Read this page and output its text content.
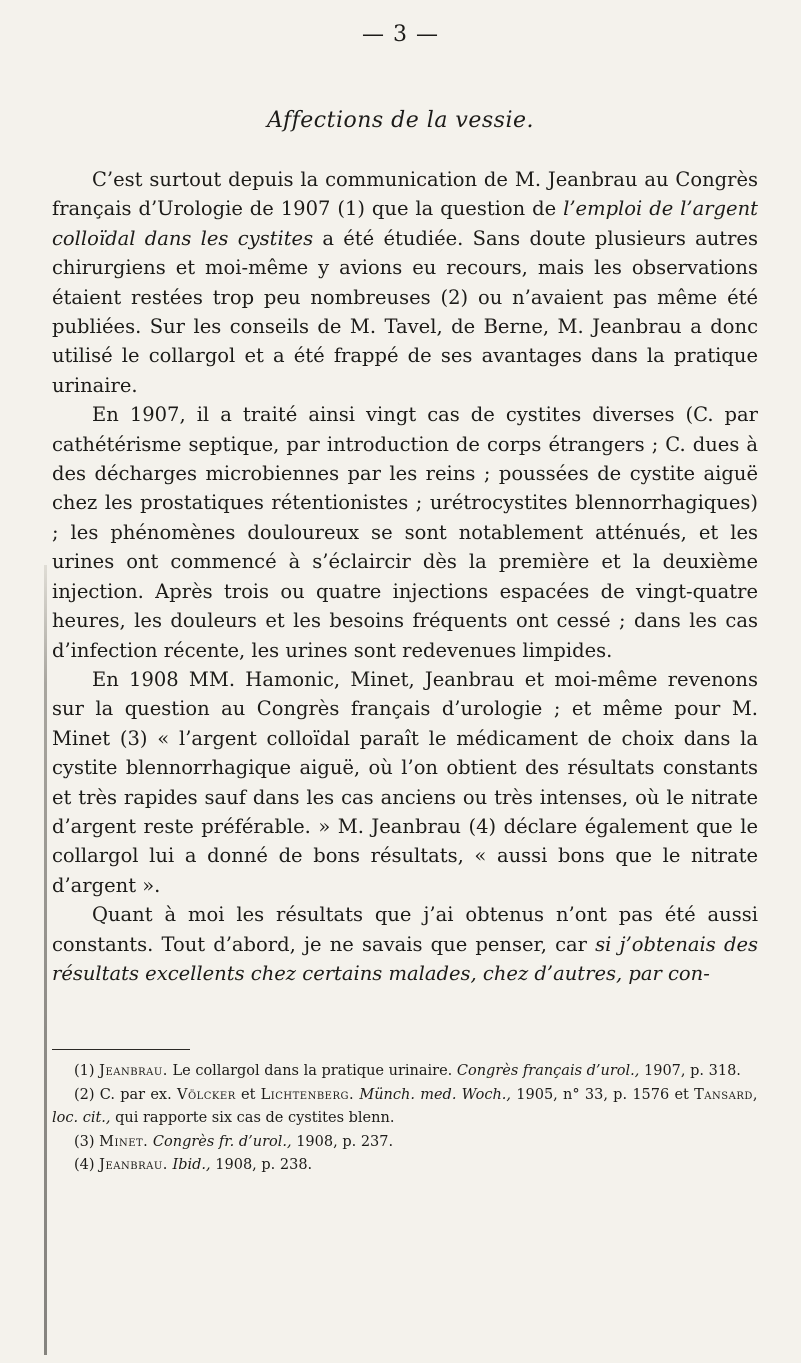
— 3 —
Affections de la vessie.

C’est surtout depuis la communication de M. Jeanbrau au Congrès français d’Urologie de 1907 (1) que la question de l’emploi de l’argent colloïdal dans les cystites a été étudiée. Sans doute plusieurs autres chirurgiens et moi-même y avions eu recours, mais les observations étaient restées trop peu nombreuses (2) ou n’avaient pas même été publiées. Sur les conseils de M. Tavel, de Berne, M. Jeanbrau a donc utilisé le collargol et a été frappé de ses avantages dans la pratique urinaire.

En 1907, il a traité ainsi vingt cas de cystites diverses (C. par cathétérisme septique, par introduction de corps étrangers ; C. dues à des décharges microbiennes par les reins ; poussées de cystite aiguë chez les prostatiques rétentionistes ; urétrocystites blennorrhagiques) ; les phénomènes douloureux se sont notablement atténués, et les urines ont commencé à s’éclaircir dès la première et la deuxième injection. Après trois ou quatre injections espacées de vingt-quatre heures, les douleurs et les besoins fréquents ont cessé ; dans les cas d’infection récente, les urines sont redevenues limpides.

En 1908 MM. Hamonic, Minet, Jeanbrau et moi-même revenons sur la question au Congrès français d’urologie ; et même pour M. Minet (3) « l’argent colloïdal paraît le médicament de choix dans la cystite blennorrhagique aiguë, où l’on obtient des résultats constants et très rapides sauf dans les cas anciens ou très intenses, où le nitrate d’argent reste préférable. » M. Jeanbrau (4) déclare également que le collargol lui a donné de bons résultats, « aussi bons que le nitrate d’argent ».

Quant à moi les résultats que j’ai obtenus n’ont pas été aussi constants. Tout d’abord, je ne savais que penser, car si j’obtenais des résultats excellents chez certains malades, chez d’autres, par con-

(1) Jeanbrau. Le collargol dans la pratique urinaire. Congrès français d’urol., 1907, p. 318.

(2) C. par ex. Völcker et Lichtenberg. Münch. med. Woch., 1905, n° 33, p. 1576 et Tansard, loc. cit., qui rapporte six cas de cystites blenn.

(3) Minet. Congrès fr. d’urol., 1908, p. 237.

(4) Jeanbrau. Ibid., 1908, p. 238.
